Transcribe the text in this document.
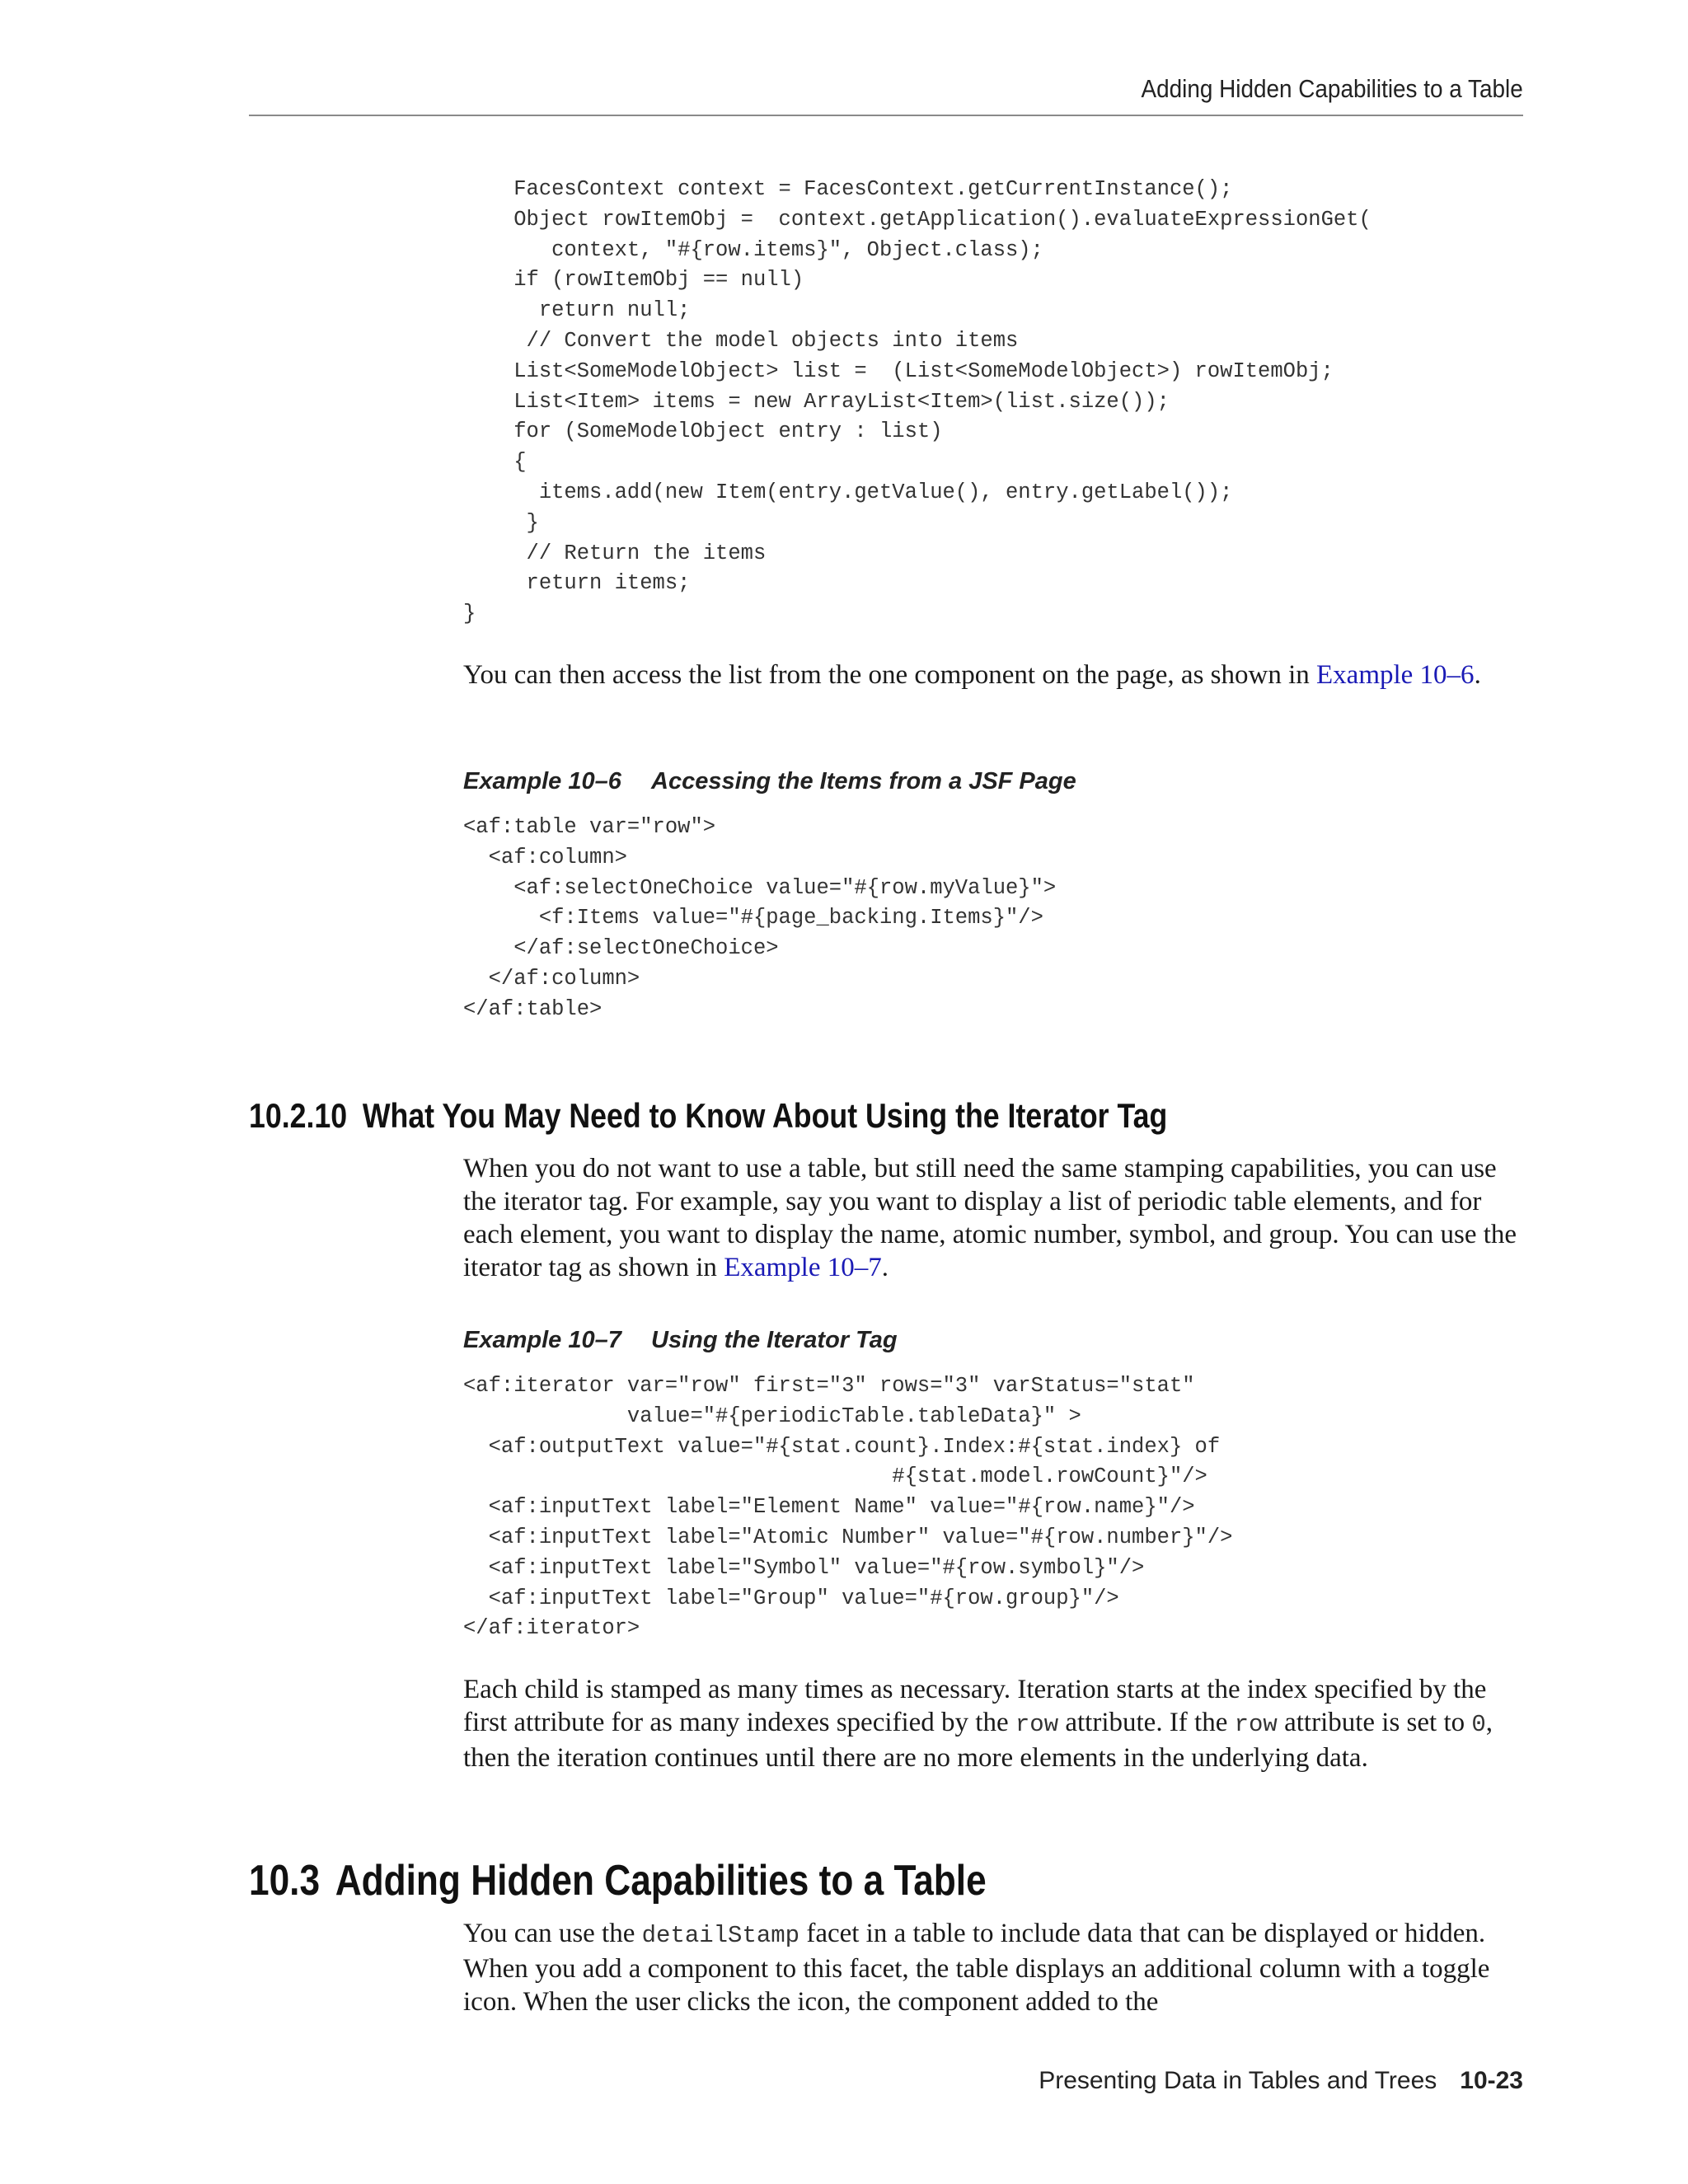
Adding Hidden Capabilities to a Table
FacesContext context = FacesContext.getCurrentInstance();
Object rowItemObj =  context.getApplication().evaluateExpressionGet(
context, "#{row.items}", Object.class);
if (rowItemObj == null)
return null;
// Convert the model objects into items
List<SomeModelObject> list =  (List<SomeModelObject>) rowItemObj;
List<Item> items = new ArrayList<Item>(list.size());
for (SomeModelObject entry : list)
{
items.add(new Item(entry.getValue(), entry.getLabel());
}
// Return the items
return items;
}
You can then access the list from the one component on the page, as shown in Example 10–6.
Example 10–6 Accessing the Items from a JSF Page
<af:table var="row">
<af:column>
<af:selectOneChoice value="#{row.myValue}">
<f:Items value="#{page_backing.Items}"/>
</af:selectOneChoice>
</af:column>
</af:table>
10.2.10 What You May Need to Know About Using the Iterator Tag
When you do not want to use a table, but still need the same stamping capabilities, you can use the iterator tag. For example, say you want to display a list of periodic table elements, and for each element, you want to display the name, atomic number, symbol, and group. You can use the iterator tag as shown in Example 10–7.
Example 10–7 Using the Iterator Tag
<af:iterator var="row" first="3" rows="3" varStatus="stat"
value="#{periodicTable.tableData}" >
<af:outputText value="#{stat.count}.Index:#{stat.index} of
#{stat.model.rowCount}"/>
<af:inputText label="Element Name" value="#{row.name}"/>
<af:inputText label="Atomic Number" value="#{row.number}"/>
<af:inputText label="Symbol" value="#{row.symbol}"/>
<af:inputText label="Group" value="#{row.group}"/>
</af:iterator>
Each child is stamped as many times as necessary. Iteration starts at the index specified by the first attribute for as many indexes specified by the row attribute. If the row attribute is set to 0, then the iteration continues until there are no more elements in the underlying data.
10.3 Adding Hidden Capabilities to a Table
You can use the detailStamp facet in a table to include data that can be displayed or hidden. When you add a component to this facet, the table displays an additional column with a toggle icon. When the user clicks the icon, the component added to the
Presenting Data in Tables and Trees 10-23
